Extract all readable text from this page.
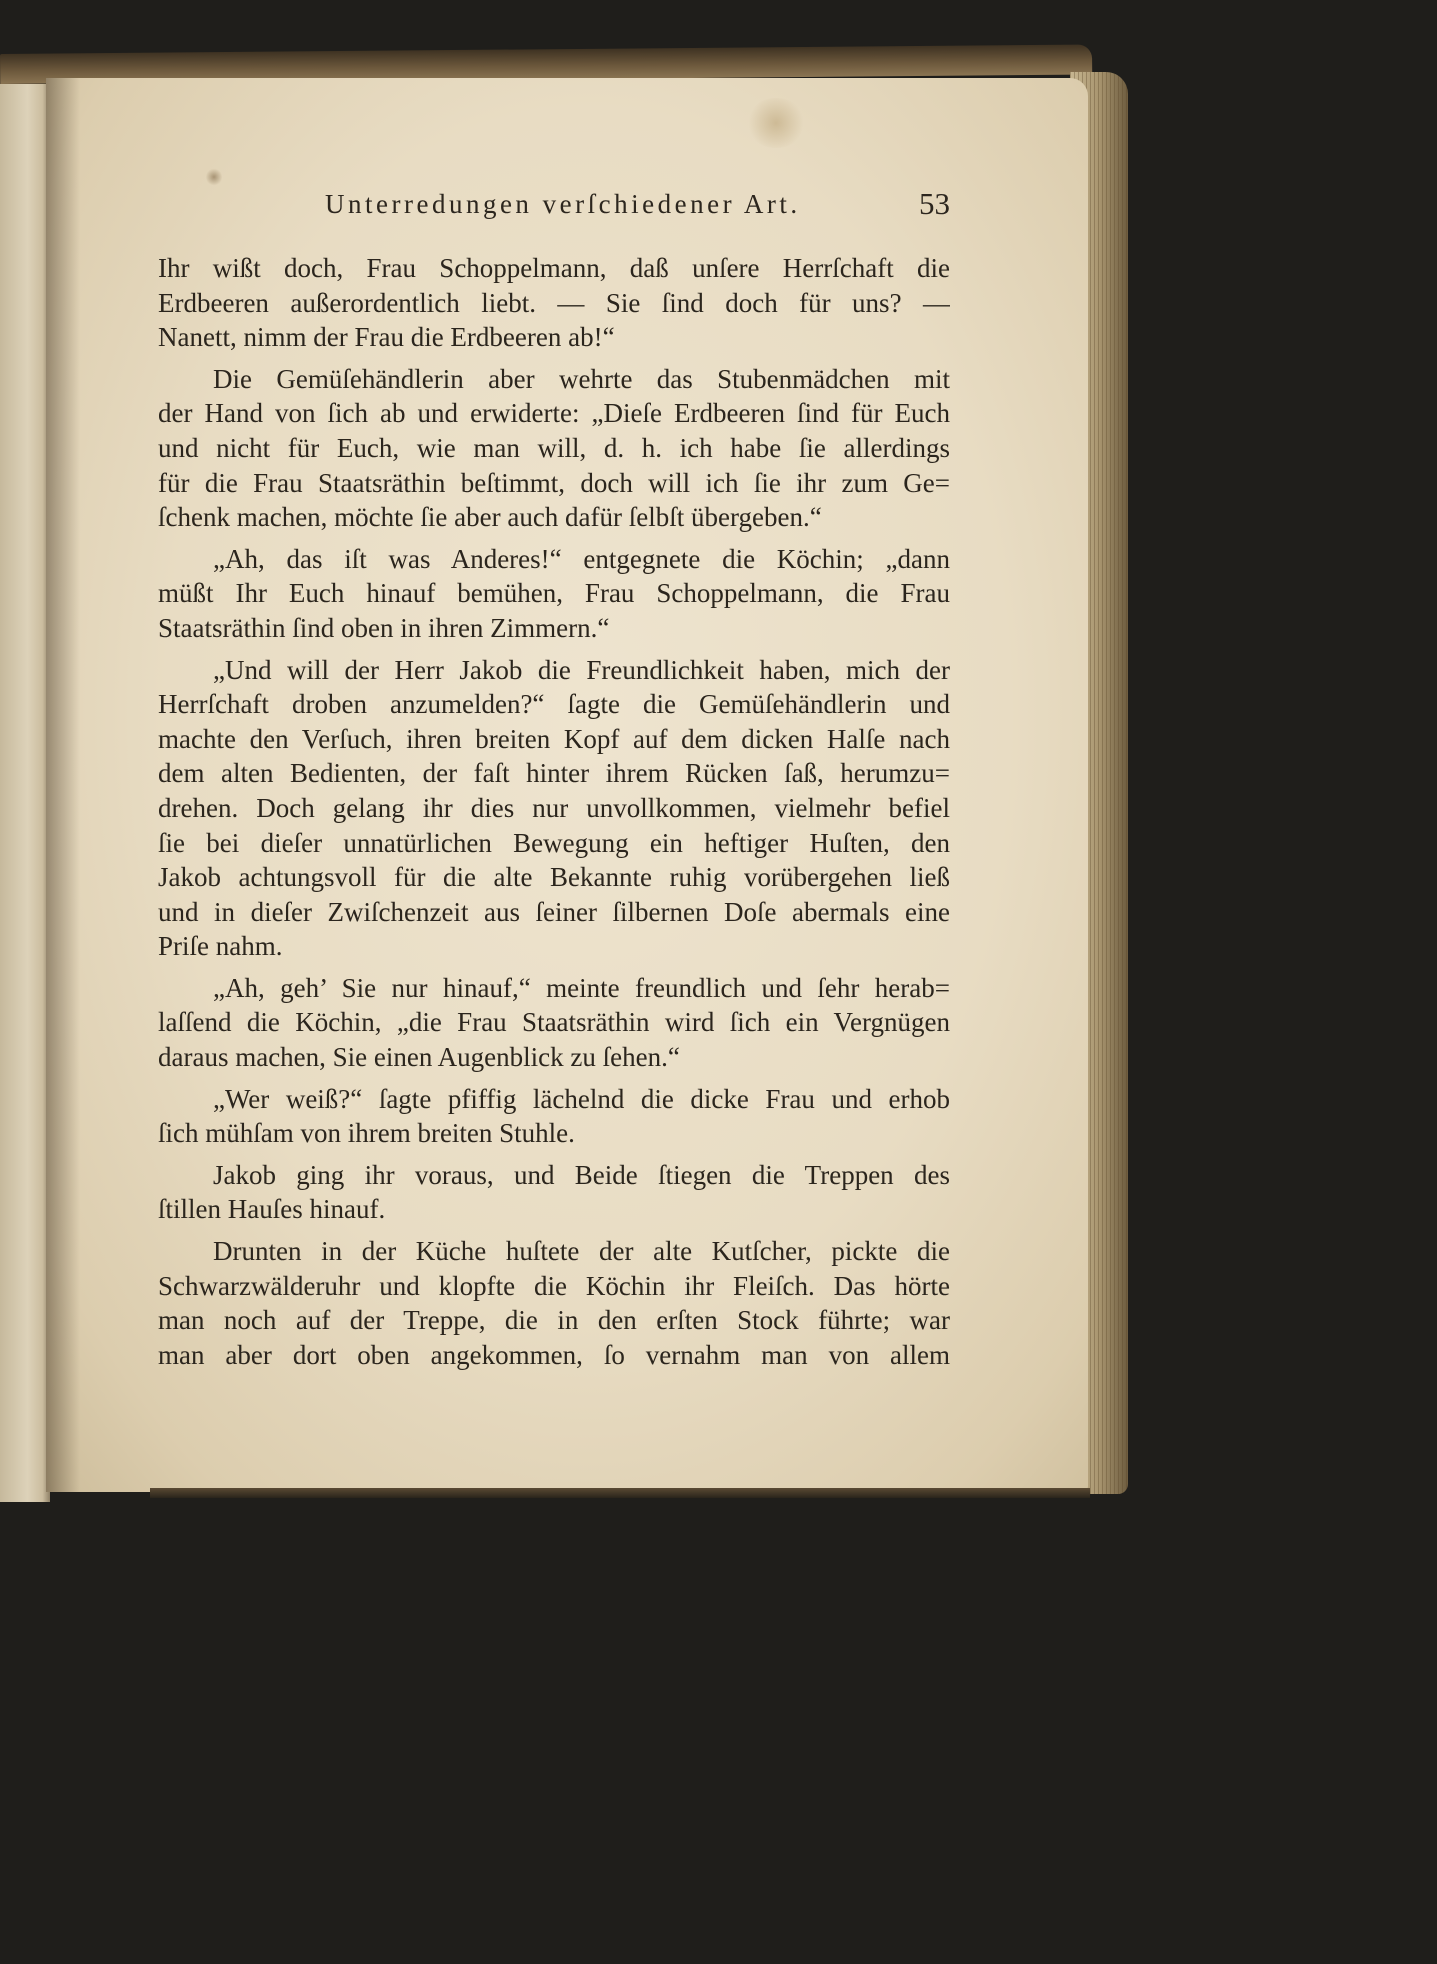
Unterredungen verſchiedener Art.	53
Ihr wißt doch, Frau Schoppelmann, daß unſere Herrſchaft die
Erdbeeren außerordentlich liebt. — Sie ſind doch für uns? —
Nanett, nimm der Frau die Erdbeeren ab!“
Die Gemüſehändlerin aber wehrte das Stubenmädchen mit
der Hand von ſich ab und erwiderte: „Dieſe Erdbeeren ſind für Euch
und nicht für Euch, wie man will, d. h. ich habe ſie allerdings
für die Frau Staatsräthin beſtimmt, doch will ich ſie ihr zum Ge=
ſchenk machen, möchte ſie aber auch dafür ſelbſt übergeben.“
„Ah, das iſt was Anderes!“ entgegnete die Köchin; „dann
müßt Ihr Euch hinauf bemühen, Frau Schoppelmann, die Frau
Staatsräthin ſind oben in ihren Zimmern.“
„Und will der Herr Jakob die Freundlichkeit haben, mich der
Herrſchaft droben anzumelden?“ ſagte die Gemüſehändlerin und
machte den Verſuch, ihren breiten Kopf auf dem dicken Halſe nach
dem alten Bedienten, der faſt hinter ihrem Rücken ſaß, herumzu=
drehen. Doch gelang ihr dies nur unvollkommen, vielmehr befiel
ſie bei dieſer unnatürlichen Bewegung ein heftiger Huſten, den
Jakob achtungsvoll für die alte Bekannte ruhig vorübergehen ließ
und in dieſer Zwiſchenzeit aus ſeiner ſilbernen Doſe abermals eine
Priſe nahm.
„Ah, geh’ Sie nur hinauf,“ meinte freundlich und ſehr herab=
laſſend die Köchin, „die Frau Staatsräthin wird ſich ein Vergnügen
daraus machen, Sie einen Augenblick zu ſehen.“
„Wer weiß?“ ſagte pfiffig lächelnd die dicke Frau und erhob
ſich mühſam von ihrem breiten Stuhle.
Jakob ging ihr voraus, und Beide ſtiegen die Treppen des
ſtillen Hauſes hinauf.
Drunten in der Küche huſtete der alte Kutſcher, pickte die
Schwarzwälderuhr und klopfte die Köchin ihr Fleiſch. Das hörte
man noch auf der Treppe, die in den erſten Stock führte; war
man aber dort oben angekommen, ſo vernahm man von allem
